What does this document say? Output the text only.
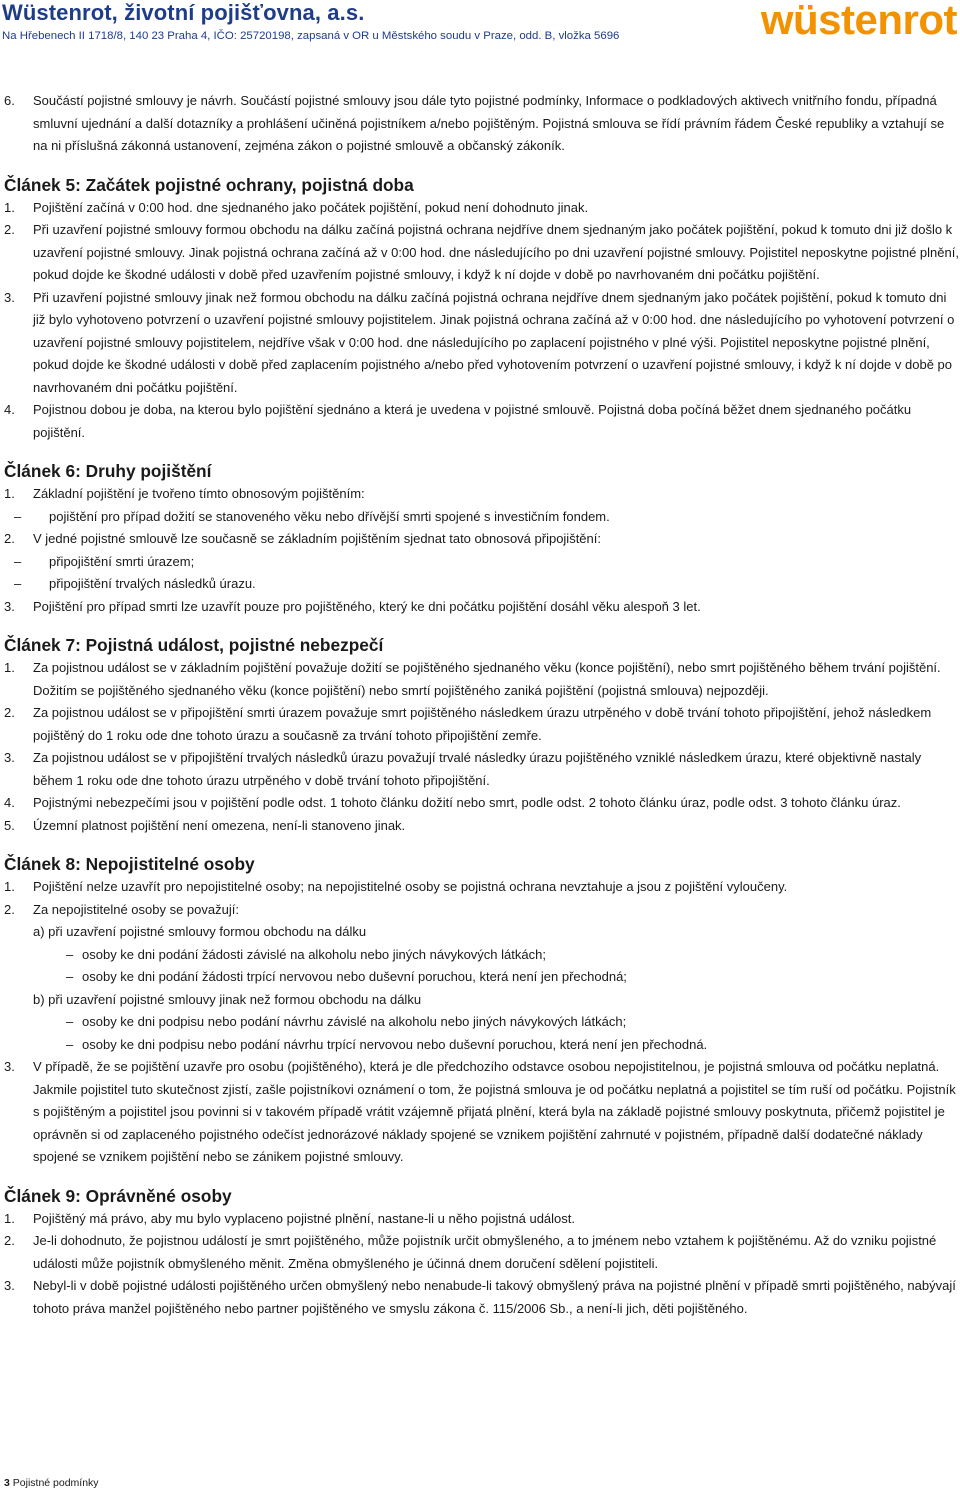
Wüstenrot, životní pojišťovna, a.s.
Na Hřebenech II 1718/8, 140 23 Praha 4, IČO: 25720198, zapsaná v OR u Městského soudu v Praze, odd. B, vložka 5696	wüstenrot
6. Součástí pojistné smlouvy je návrh. Součástí pojistné smlouvy jsou dále tyto pojistné podmínky, Informace o podkladových aktivech vnitřního fondu, případná smluvní ujednání a další dotazníky a prohlášení učiněná pojistníkem a/nebo pojištěným. Pojistná smlouva se řídí právním řádem České republiky a vztahují se na ni příslušná zákonná ustanovení, zejména zákon o pojistné smlouvě a občanský zákoník.
Článek 5: Začátek pojistné ochrany, pojistná doba
1. Pojištění začíná v 0:00 hod. dne sjednaného jako počátek pojištění, pokud není dohodnuto jinak.
2. Při uzavření pojistné smlouvy formou obchodu na dálku začíná pojistná ochrana nejdříve dnem sjednaným jako počátek pojištění, pokud k tomuto dni již došlo k uzavření pojistné smlouvy. Jinak pojistná ochrana začíná až v 0:00 hod. dne následujícího po dni uzavření pojistné smlouvy. Pojistitel neposkytne pojistné plnění, pokud dojde ke škodné události v době před uzavřením pojistné smlouvy, i když k ní dojde v době po navrhovaném dni počátku pojištění.
3. Při uzavření pojistné smlouvy jinak než formou obchodu na dálku začíná pojistná ochrana nejdříve dnem sjednaným jako počátek pojištění, pokud k tomuto dni již bylo vyhotoveno potvrzení o uzavření pojistné smlouvy pojistitelem. Jinak pojistná ochrana začíná až v 0:00 hod. dne následujícího po vyhotovení potvrzení o uzavření pojistné smlouvy pojistitelem, nejdříve však v 0:00 hod. dne následujícího po zaplacení pojistného v plné výši. Pojistitel neposkytne pojistné plnění, pokud dojde ke škodné události v době před zaplacením pojistného a/nebo před vyhotovením potvrzení o uzavření pojistné smlouvy, i když k ní dojde v době po navrhovaném dni počátku pojištění.
4. Pojistnou dobou je doba, na kterou bylo pojištění sjednáno a která je uvedena v pojistné smlouvě. Pojistná doba počíná běžet dnem sjednaného počátku pojištění.
Článek 6: Druhy pojištění
1. Základní pojištění je tvořeno tímto obnosovým pojištěním:
– pojištění pro případ dožití se stanoveného věku nebo dřívější smrti spojené s investičním fondem.
2. V jedné pojistné smlouvě lze současně se základním pojištěním sjednat tato obnosová připojištění:
– připojištění smrti úrazem;
– připojištění trvalých následků úrazu.
3. Pojištění pro případ smrti lze uzavřít pouze pro pojištěného, který ke dni počátku pojištění dosáhl věku alespoň 3 let.
Článek 7: Pojistná událost, pojistné nebezpečí
1. Za pojistnou událost se v základním pojištění považuje dožití se pojištěného sjednaného věku (konce pojištění), nebo smrt pojištěného během trvání pojištění. Dožitím se pojištěného sjednaného věku (konce pojištění) nebo smrtí pojištěného zaniká pojištění (pojistná smlouva) nejpozději.
2. Za pojistnou událost se v připojištění smrti úrazem považuje smrt pojištěného následkem úrazu utrpěného v době trvání tohoto připojištění, jehož následkem pojištěný do 1 roku ode dne tohoto úrazu a současně za trvání tohoto připojištění zemře.
3. Za pojistnou událost se v připojištění trvalých následků úrazu považují trvalé následky úrazu pojištěného vzniklé následkem úrazu, které objektivně nastaly během 1 roku ode dne tohoto úrazu utrpěného v době trvání tohoto připojištění.
4. Pojistnými nebezpečími jsou v pojištění podle odst. 1 tohoto článku dožití nebo smrt, podle odst. 2 tohoto článku úraz, podle odst. 3 tohoto článku úraz.
5. Územní platnost pojištění není omezena, není-li stanoveno jinak.
Článek 8: Nepojistitelné osoby
1. Pojištění nelze uzavřít pro nepojistitelné osoby; na nepojistitelné osoby se pojistná ochrana nevztahuje a jsou z pojištění vyloučeny.
2. Za nepojistitelné osoby se považují:
a) při uzavření pojistné smlouvy formou obchodu na dálku
– osoby ke dni podání žádosti závislé na alkoholu nebo jiných návykových látkách;
– osoby ke dni podání žádosti trpící nervovou nebo duševní poruchou, která není jen přechodná;
b) při uzavření pojistné smlouvy jinak než formou obchodu na dálku
– osoby ke dni podpisu nebo podání návrhu závislé na alkoholu nebo jiných návykových látkách;
– osoby ke dni podpisu nebo podání návrhu trpící nervovou nebo duševní poruchou, která není jen přechodná.
3. V případě, že se pojištění uzavře pro osobu (pojištěného), která je dle předchozího odstavce osobou nepojistitelnou, je pojistná smlouva od počátku neplatná. Jakmile pojistitel tuto skutečnost zjistí, zašle pojistníkovi oznámení o tom, že pojistná smlouva je od počátku neplatná a pojistitel se tím ruší od počátku. Pojistník s pojištěným a pojistitel jsou povinni si v takovém případě vrátit vzájemně přijatá plnění, která byla na základě pojistné smlouvy poskytnuta, přičemž pojistitel je oprávněn si od zaplaceného pojistného odečíst jednorázové náklady spojené se vznikem pojištění zahrnuté v pojistném, případně další dodatečné náklady spojené se vznikem pojištění nebo se zánikem pojistné smlouvy.
Článek 9: Oprávněné osoby
1. Pojištěný má právo, aby mu bylo vyplaceno pojistné plnění, nastane-li u něho pojistná událost.
2. Je-li dohodnuto, že pojistnou událostí je smrt pojištěného, může pojistník určit obmyšleného, a to jménem nebo vztahem k pojištěnému. Až do vzniku pojistné události může pojistník obmyšleného měnit. Změna obmyšleného je účinná dnem doručení sdělení pojistiteli.
3. Nebyl-li v době pojistné události pojištěného určen obmyšlený nebo nenabude-li takový obmyšlený práva na pojistné plnění v případě smrti pojištěného, nabývají tohoto práva manžel pojištěného nebo partner pojištěného ve smyslu zákona č. 115/2006 Sb., a není-li jich, děti pojištěného.
3 Pojistné podmínky
